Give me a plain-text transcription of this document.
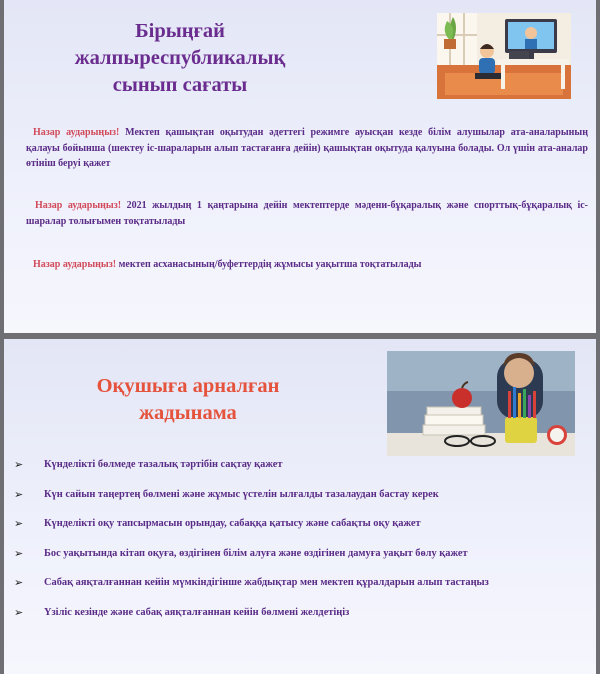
Бірыңғай
жалпыреспубликалық
сынып сағаты

Назар аударыңыз! Мектеп қашықтан оқытудан әдеттегі режимге ауысқан кезде білім алушылар ата-аналарының қалауы бойынша (шектеу іс-шараларын алып тастағанға дейін) қашықтан оқытуда қалуына болады. Ол үшін ата-аналар өтініш беруі қажет

Назар аударыңыз! 2021 жылдың 1 қаңтарына дейін мектептерде мәдени-бұқаралық және спорттық-бұқаралық іс-шаралар толығымен тоқтатылады

Назар аударыңыз! мектеп асханасының/буфеттердің жұмысы уақытша тоқтатылады

Оқушыға арналған
жадынама
➢ Күнделікті бөлмеде тазалық тәртібін сақтау қажет
➢ Күн сайын таңертең бөлмені және жұмыс үстелін ылғалды тазалаудан бастау керек
➢ Күнделікті оқу тапсырмасын орындау, сабаққа қатысу және сабақты оқу қажет
➢ Бос уақытында кітап оқуға, өздігінен білім алуға және өздігінен дамуға уақыт бөлу қажет
➢ Сабақ аяқталғаннан кейін мүмкіндігінше жабдықтар мен мектеп құралдарын алып тастаңыз
➢ Үзіліс кезінде және сабақ аяқталғаннан кейін бөлмені желдетіңіз
